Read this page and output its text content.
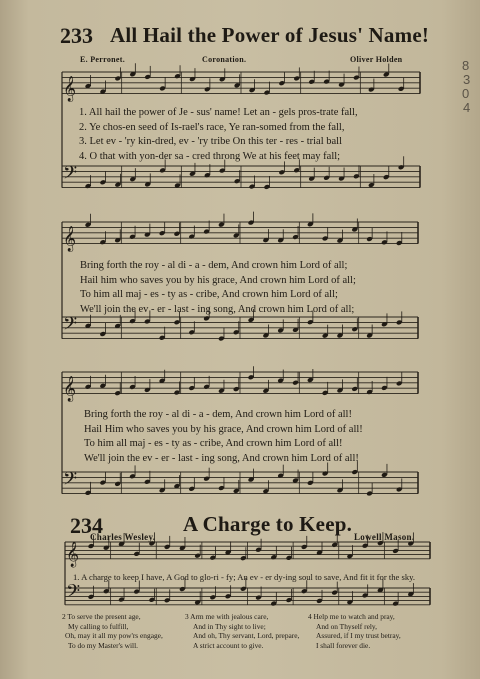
233 All Hail the Power of Jesus' Name!
E. Perronet.	Coronation.	Oliver Holden
𝄞
𝄢
𝄞
𝄢
𝄞
𝄢
𝄞
𝄢
1. All hail the power of Je - sus' name! Let an - gels pros-trate fall,
2. Ye chos-en seed of Is-rael's race, Ye ran-somed from the fall,
3. Let ev - 'ry kin-dred, ev - 'ry tribe On this ter - res - trial ball
4. O that with yon-der sa - cred throng We at his feet may fall;
Bring forth the roy - al di - a - dem, And crown him Lord of all;
Hail him who saves you by his grace, And crown him Lord of all;
To him all maj - es - ty as - cribe, And crown him Lord of all;
We'll join the ev - er - last - ing song, And crown him Lord of all;
Bring forth the roy - al di - a - dem, And crown him Lord of all!
Hail Him who saves you by his grace, And crown him Lord of all!
To him all maj - es - ty as - cribe, And crown him Lord of all!
We'll join the ev - er - last - ing song, And crown him Lord of all!
234	A Charge to Keep.
Charles Wesley.	Lowell Mason.
1. A charge to keep I have, A God to glo-ri - fy; An ev - er dy-ing soul to save, And fit it for the sky.
2 To serve the present age,
My calling to fulfill,
Oh, may it all my pow'rs engage,
To do my Master's will.
3 Arm me with jealous care,
And in Thy sight to live;
And oh, Thy servant, Lord, prepare,
A strict account to give.
4 Help me to watch and pray,
And on Thyself rely,
Assured, if I my trust betray,
I shall forever die.
8
3
0
4
